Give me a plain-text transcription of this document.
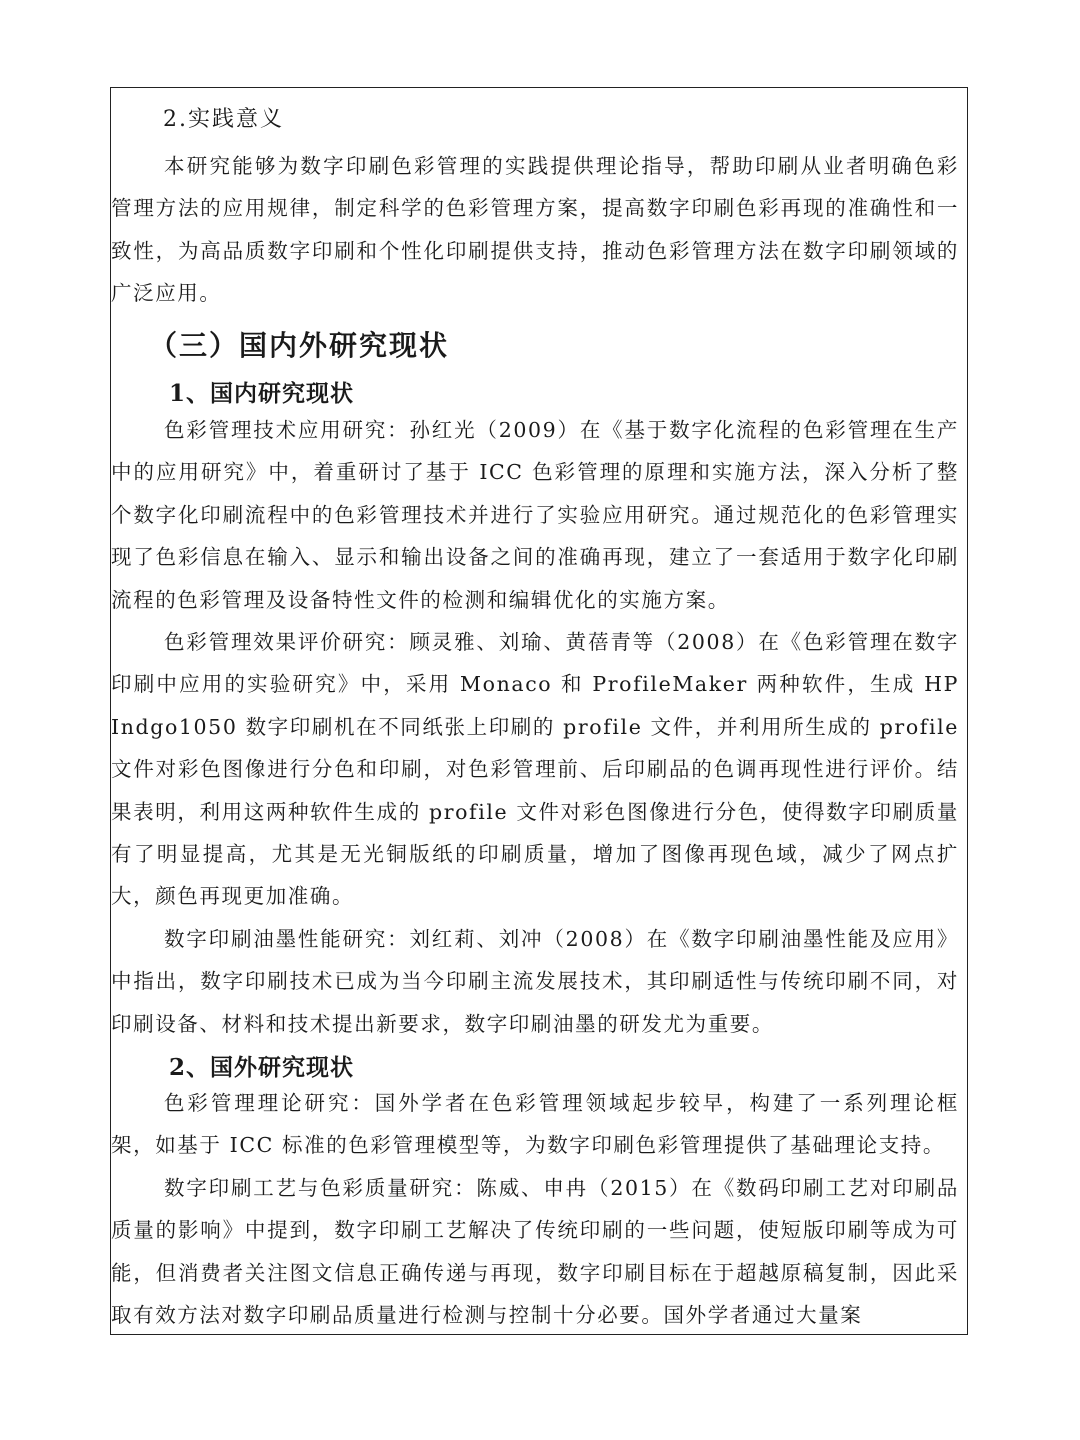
2.实践意义

本研究能够为数字印刷色彩管理的实践提供理论指导，帮助印刷从业者明确色彩管理方法的应用规律，制定科学的色彩管理方案，提高数字印刷色彩再现的准确性和一致性，为高品质数字印刷和个性化印刷提供支持，推动色彩管理方法在数字印刷领域的广泛应用。

（三）国内外研究现状
1、国内研究现状

色彩管理技术应用研究：孙红光（2009）在《基于数字化流程的色彩管理在生产中的应用研究》中，着重研讨了基于 ICC 色彩管理的原理和实施方法，深入分析了整个数字化印刷流程中的色彩管理技术并进行了实验应用研究。通过规范化的色彩管理实现了色彩信息在输入、显示和输出设备之间的准确再现，建立了一套适用于数字化印刷流程的色彩管理及设备特性文件的检测和编辑优化的实施方案。

色彩管理效果评价研究：顾灵雅、刘瑜、黄蓓青等（2008）在《色彩管理在数字印刷中应用的实验研究》中，采用 Monaco 和 ProfileMaker 两种软件，生成 HP Indgo1050 数字印刷机在不同纸张上印刷的 profile 文件，并利用所生成的 profile 文件对彩色图像进行分色和印刷，对色彩管理前、后印刷品的色调再现性进行评价。结果表明，利用这两种软件生成的 profile 文件对彩色图像进行分色，使得数字印刷质量有了明显提高，尤其是无光铜版纸的印刷质量，增加了图像再现色域，减少了网点扩大，颜色再现更加准确。

数字印刷油墨性能研究：刘红莉、刘冲（2008）在《数字印刷油墨性能及应用》中指出，数字印刷技术已成为当今印刷主流发展技术，其印刷适性与传统印刷不同，对印刷设备、材料和技术提出新要求，数字印刷油墨的研发尤为重要。

2、国外研究现状

色彩管理理论研究：国外学者在色彩管理领域起步较早，构建了一系列理论框架，如基于 ICC 标准的色彩管理模型等，为数字印刷色彩管理提供了基础理论支持。

数字印刷工艺与色彩质量研究：陈威、申冉（2015）在《数码印刷工艺对印刷品质量的影响》中提到，数字印刷工艺解决了传统印刷的一些问题，使短版印刷等成为可能，但消费者关注图文信息正确传递与再现，数字印刷目标在于超越原稿复制，因此采取有效方法对数字印刷品质量进行检测与控制十分必要。国外学者通过大量案
